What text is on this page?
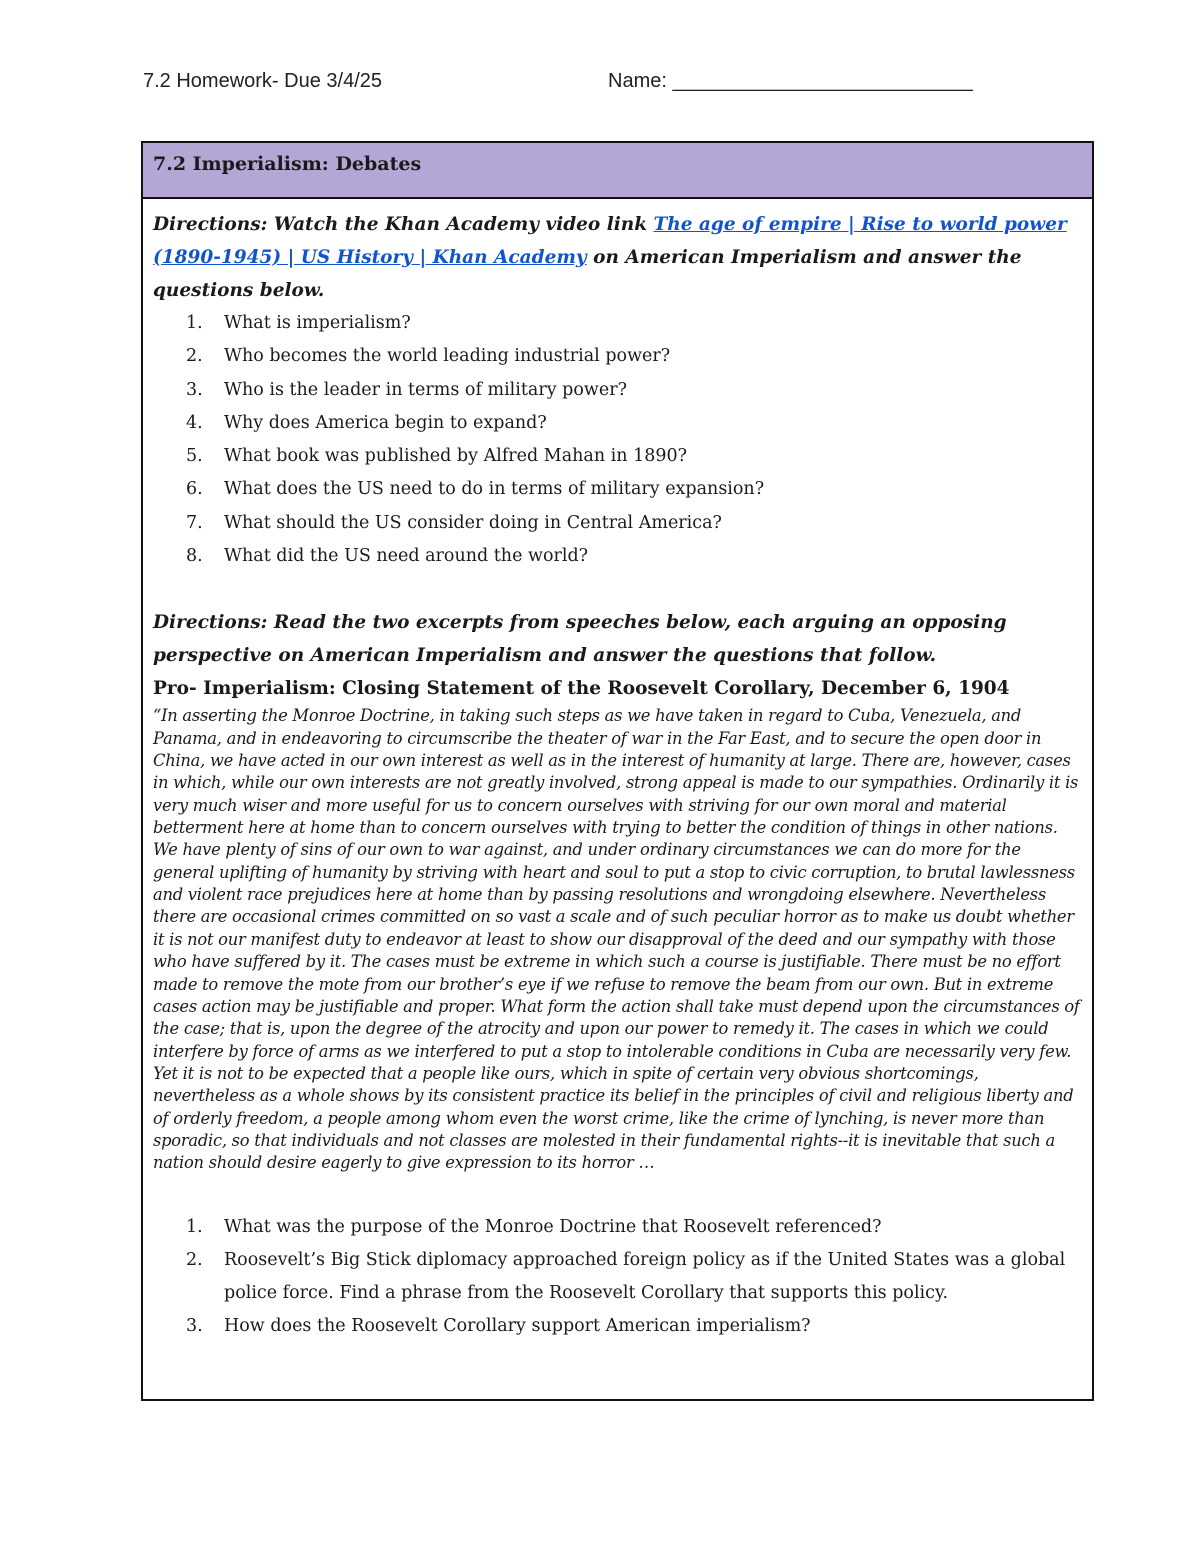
7.2 Homework- Due 3/4/25	Name: ___________________________
7.2 Imperialism: Debates
Directions: Watch the Khan Academy video link The age of empire | Rise to world power (1890-1945) | US History | Khan Academy on American Imperialism and answer the questions below.
1. What is imperialism?
2. Who becomes the world leading industrial power?
3. Who is the leader in terms of military power?
4. Why does America begin to expand?
5. What book was published by Alfred Mahan in 1890?
6. What does the US need to do in terms of military expansion?
7. What should the US consider doing in Central America?
8. What did the US need around the world?
Directions: Read the two excerpts from speeches below, each arguing an opposing perspective on American Imperialism and answer the questions that follow.
Pro- Imperialism: Closing Statement of the Roosevelt Corollary, December 6, 1904

“In asserting the Monroe Doctrine, in taking such steps as we have taken in regard to Cuba, Venezuela, and Panama, and in endeavoring to circumscribe the theater of war in the Far East, and to secure the open door in China, we have acted in our own interest as well as in the interest of humanity at large. There are, however, cases in which, while our own interests are not greatly involved, strong appeal is made to our sympathies. Ordinarily it is very much wiser and more useful for us to concern ourselves with striving for our own moral and material betterment here at home than to concern ourselves with trying to better the condition of things in other nations. We have plenty of sins of our own to war against, and under ordinary circumstances we can do more for the general uplifting of humanity by striving with heart and soul to put a stop to civic corruption, to brutal lawlessness and violent race prejudices here at home than by passing resolutions and wrongdoing elsewhere. Nevertheless there are occasional crimes committed on so vast a scale and of such peculiar horror as to make us doubt whether it is not our manifest duty to endeavor at least to show our disapproval of the deed and our sympathy with those who have suffered by it. The cases must be extreme in which such a course is justifiable. There must be no effort made to remove the mote from our brother’s eye if we refuse to remove the beam from our own. But in extreme cases action may be justifiable and proper. What form the action shall take must depend upon the circumstances of the case; that is, upon the degree of the atrocity and upon our power to remedy it. The cases in which we could interfere by force of arms as we interfered to put a stop to intolerable conditions in Cuba are necessarily very few. Yet it is not to be expected that a people like ours, which in spite of certain very obvious shortcomings, nevertheless as a whole shows by its consistent practice its belief in the principles of civil and religious liberty and of orderly freedom, a people among whom even the worst crime, like the crime of lynching, is never more than sporadic, so that individuals and not classes are molested in their fundamental rights--it is inevitable that such a nation should desire eagerly to give expression to its horror …

1. What was the purpose of the Monroe Doctrine that Roosevelt referenced?
2. Roosevelt’s Big Stick diplomacy approached foreign policy as if the United States was a global police force. Find a phrase from the Roosevelt Corollary that supports this policy.
3. How does the Roosevelt Corollary support American imperialism?
